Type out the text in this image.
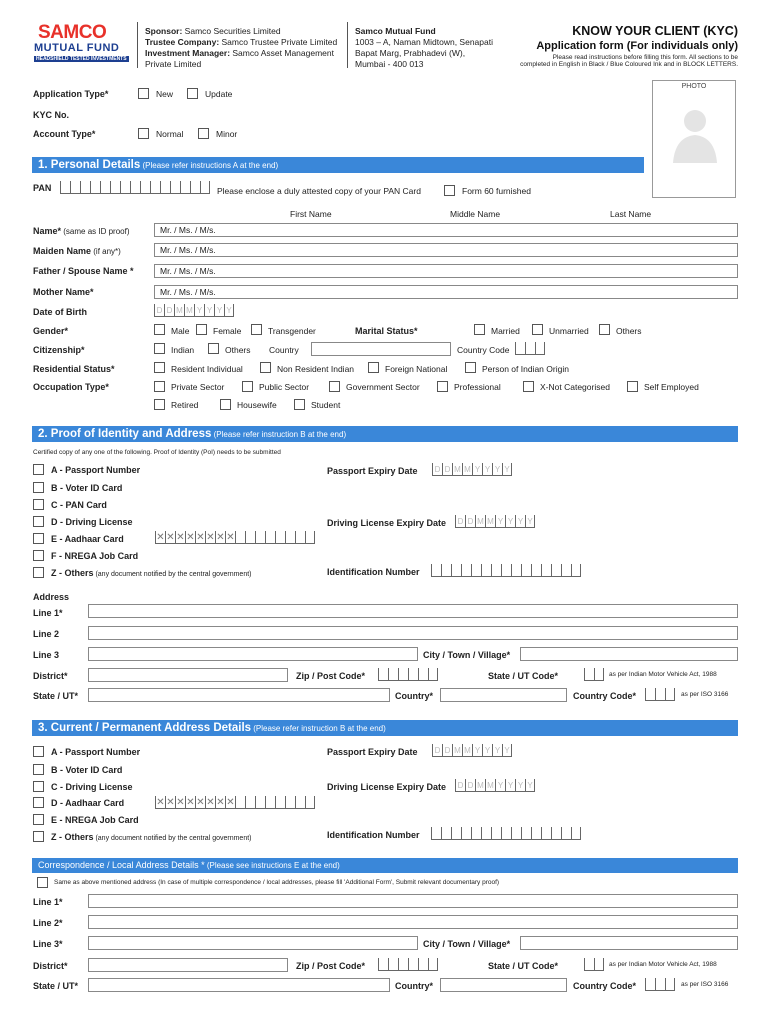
SAMCO
MUTUAL FUND
HEADSHIELD TESTED INVESTMENTS
Sponsor: Samco Securities Limited
Trustee Company: Samco Trustee Private Limited
Investment Manager: Samco Asset Management
Private Limited
Samco Mutual Fund
1003 – A, Naman Midtown, Senapati
Bapat Marg, Prabhadevi (W),
Mumbai - 400 013
KNOW YOUR CLIENT (KYC)
Application form (For individuals only)
Please read instructions before filling this form. All sections to be
completed in English in Black / Blue Coloured Ink and in BLOCK LETTERS.
PHOTO
Application Type*	New	Update
KYC No.
Account Type*	Normal	Minor
1. Personal Details (Please refer instructions A at the end)
PAN	Please enclose a duly attested copy of your PAN Card	Form 60 furnished
First Name	Middle Name	Last Name
Name* (same as ID proof)	Mr. / Ms. / M/s.
Maiden Name (if any*)	Mr. / Ms. / M/s.
Father / Spouse Name *	Mr. / Ms. / M/s.
Mother Name*	Mr. / Ms. / M/s.
Date of Birth	D D M M Y Y Y Y
Gender*	Male	Female	Transgender	Marital Status*	Married	Unmarried	Others
Citizenship*	Indian	Others Country	Country Code
Residential Status*	Resident Individual	Non Resident Indian	Foreign National	Person of Indian Origin
Occupation Type*	Private Sector	Public Sector	Government Sector	Professional	X-Not Categorised	Self Employed
Retired	Housewife	Student
2. Proof of Identity and Address (Please refer instruction B at the end)
Certified copy of any one of the following. Proof of Identity (PoI) needs to be submitted
A - Passport Number
B - Voter ID Card
C - PAN Card
D - Driving License
E - Aadhaar Card	✕ ✕ ✕ ✕ ✕ ✕ ✕ ✕
F - NREGA Job Card
Z - Others (any document notified by the central government)
Passport Expiry Date	D D M M Y Y Y Y
Driving License Expiry Date	D D M M Y Y Y Y
Identification Number
Address
Line 1*
Line 2
Line 3	City / Town / Village*
District*	Zip / Post Code*	State / UT Code*	as per Indian Motor Vehicle Act, 1988
State / UT*	Country*	Country Code*	as per ISO 3166
3. Current / Permanent Address Details (Please refer instruction B at the end)
A - Passport Number
B - Voter ID Card
C - Driving License
D - Aadhaar Card	✕ ✕ ✕ ✕ ✕ ✕ ✕ ✕
E - NREGA Job Card
Z - Others (any document notified by the central government)
Passport Expiry Date	D D M M Y Y Y Y
Driving License Expiry Date	D D M M Y Y Y Y
Identification Number
Correspondence / Local Address Details * (Please see instructions E at the end)
Same as above mentioned address (In case of multiple correspondence / local addresses, please fill 'Additional Form', Submit relevant documentary proof)
Line 1*
Line 2*
Line 3*	City / Town / Village*
District*	Zip / Post Code*	State / UT Code*	as per Indian Motor Vehicle Act, 1988
State / UT*	Country*	Country Code*	as per ISO 3166
